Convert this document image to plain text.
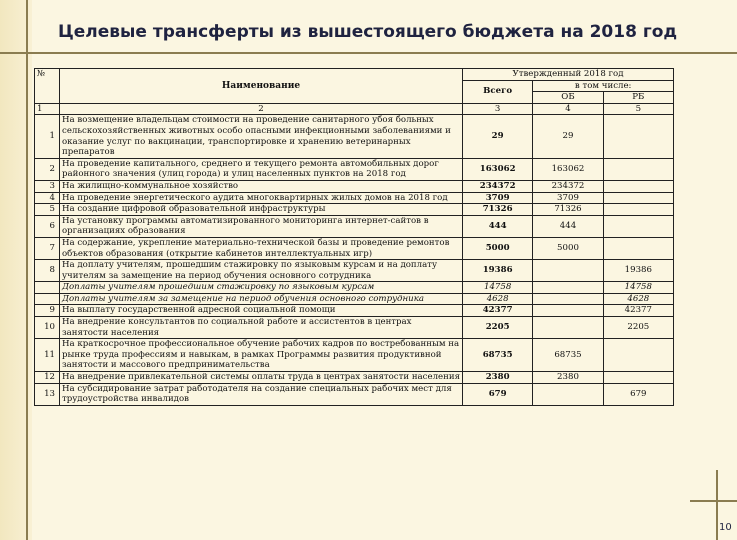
Целевые трансферты из вышестоящего бюджета на 2018 год
№	Наименование	Утвержденный 2018 год		
		Всего	в том числе:	
			ОБ	РБ
1	2	3	4	5
1	На возмещение владельцам стоимости на проведение санитарного убоя больных сельскохозяйственных животных особо опасными инфекционными заболеваниями и оказание услуг по вакцинации, транспортировке и хранению ветеринарных препаратов	29	29	
2	На проведение капитального, среднего и текущего ремонта автомобильных дорог районного значения (улиц города) и улиц населенных пунктов на 2018 год	163062	163062	
3	На жилищно-коммунальное хозяйство	234372	234372	
4	На проведение энергетического аудита многоквартирных жилых домов на 2018 год	3709	3709	
5	На создание цифровой образовательной инфраструктуры	71326	71326	
6	На установку программы автоматизированного мониторинга интернет-сайтов в организациях образования	444	444	
7	На содержание, укрепление материально-технической базы и проведение ремонтов объектов образования (открытие кабинетов интеллектуальных игр)	5000	5000	
8	На доплату учителям, прошедшим стажировку по языковым курсам и на доплату учителям за замещение на период обучения основного сотрудника	19386		19386
	Доплаты учителям прошедшим стажировку по языковым курсам	14758		14758
	Доплаты учителям за замещение на период обучения основного сотрудника	4628		4628
9	На выплату государственной адресной социальной помощи	42377		42377
10	На внедрение консультантов по социальной работе и ассистентов в центрах занятости населения	2205		2205
11	На краткосрочное профессиональное обучение рабочих кадров по востребованным на рынке труда профессиям и навыкам, в рамках Программы развития продуктивной занятости и массового предпринимательства	68735	68735	
12	На внедрение привлекательной системы оплаты труда в центрах занятости населения	2380	2380	
13	На субсидирование затрат работодателя на создание специальных рабочих мест для трудоустройства инвалидов	679		679
10
